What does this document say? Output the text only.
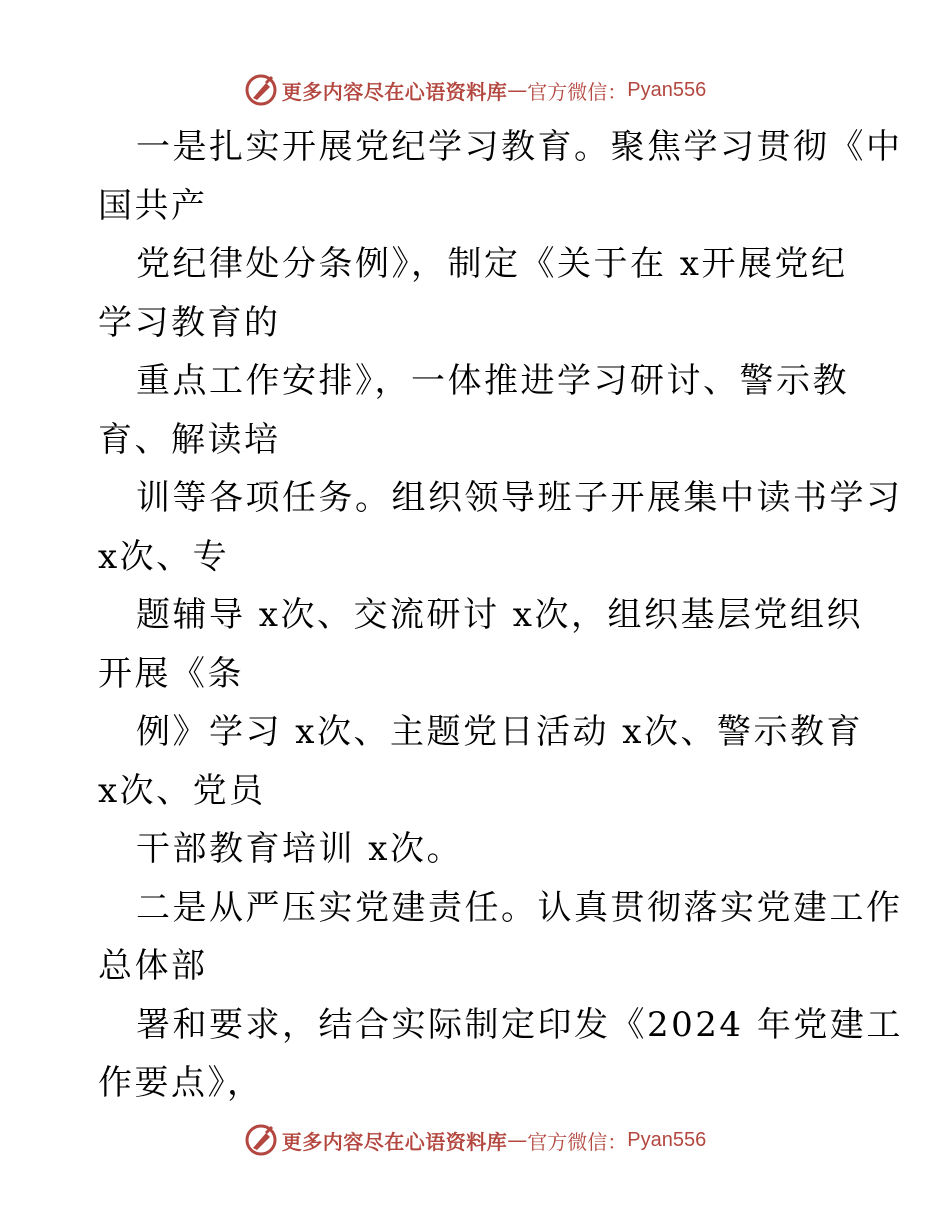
更多内容尽在心语资料库 — 官方微信： Pyan556
一是扎实开展党纪学习教育。聚焦学习贯彻《中
国共产
党纪律处分条例》，制定《关于在 x开展党纪
学习教育的
重点工作安排》，一体推进学习研讨、警示教
育、解读培
训等各项任务。组织领导班子开展集中读书学习
x次、专
题辅导 x次、交流研讨 x次，组织基层党组织
开展《条
例》学习 x次、主题党日活动 x次、警示教育
x次、党员
干部教育培训 x次。
二是从严压实党建责任。认真贯彻落实党建工作
总体部
署和要求，结合实际制定印发《2024 年党建工
作要点》，
更多内容尽在心语资料库 — 官方微信： Pyan556
